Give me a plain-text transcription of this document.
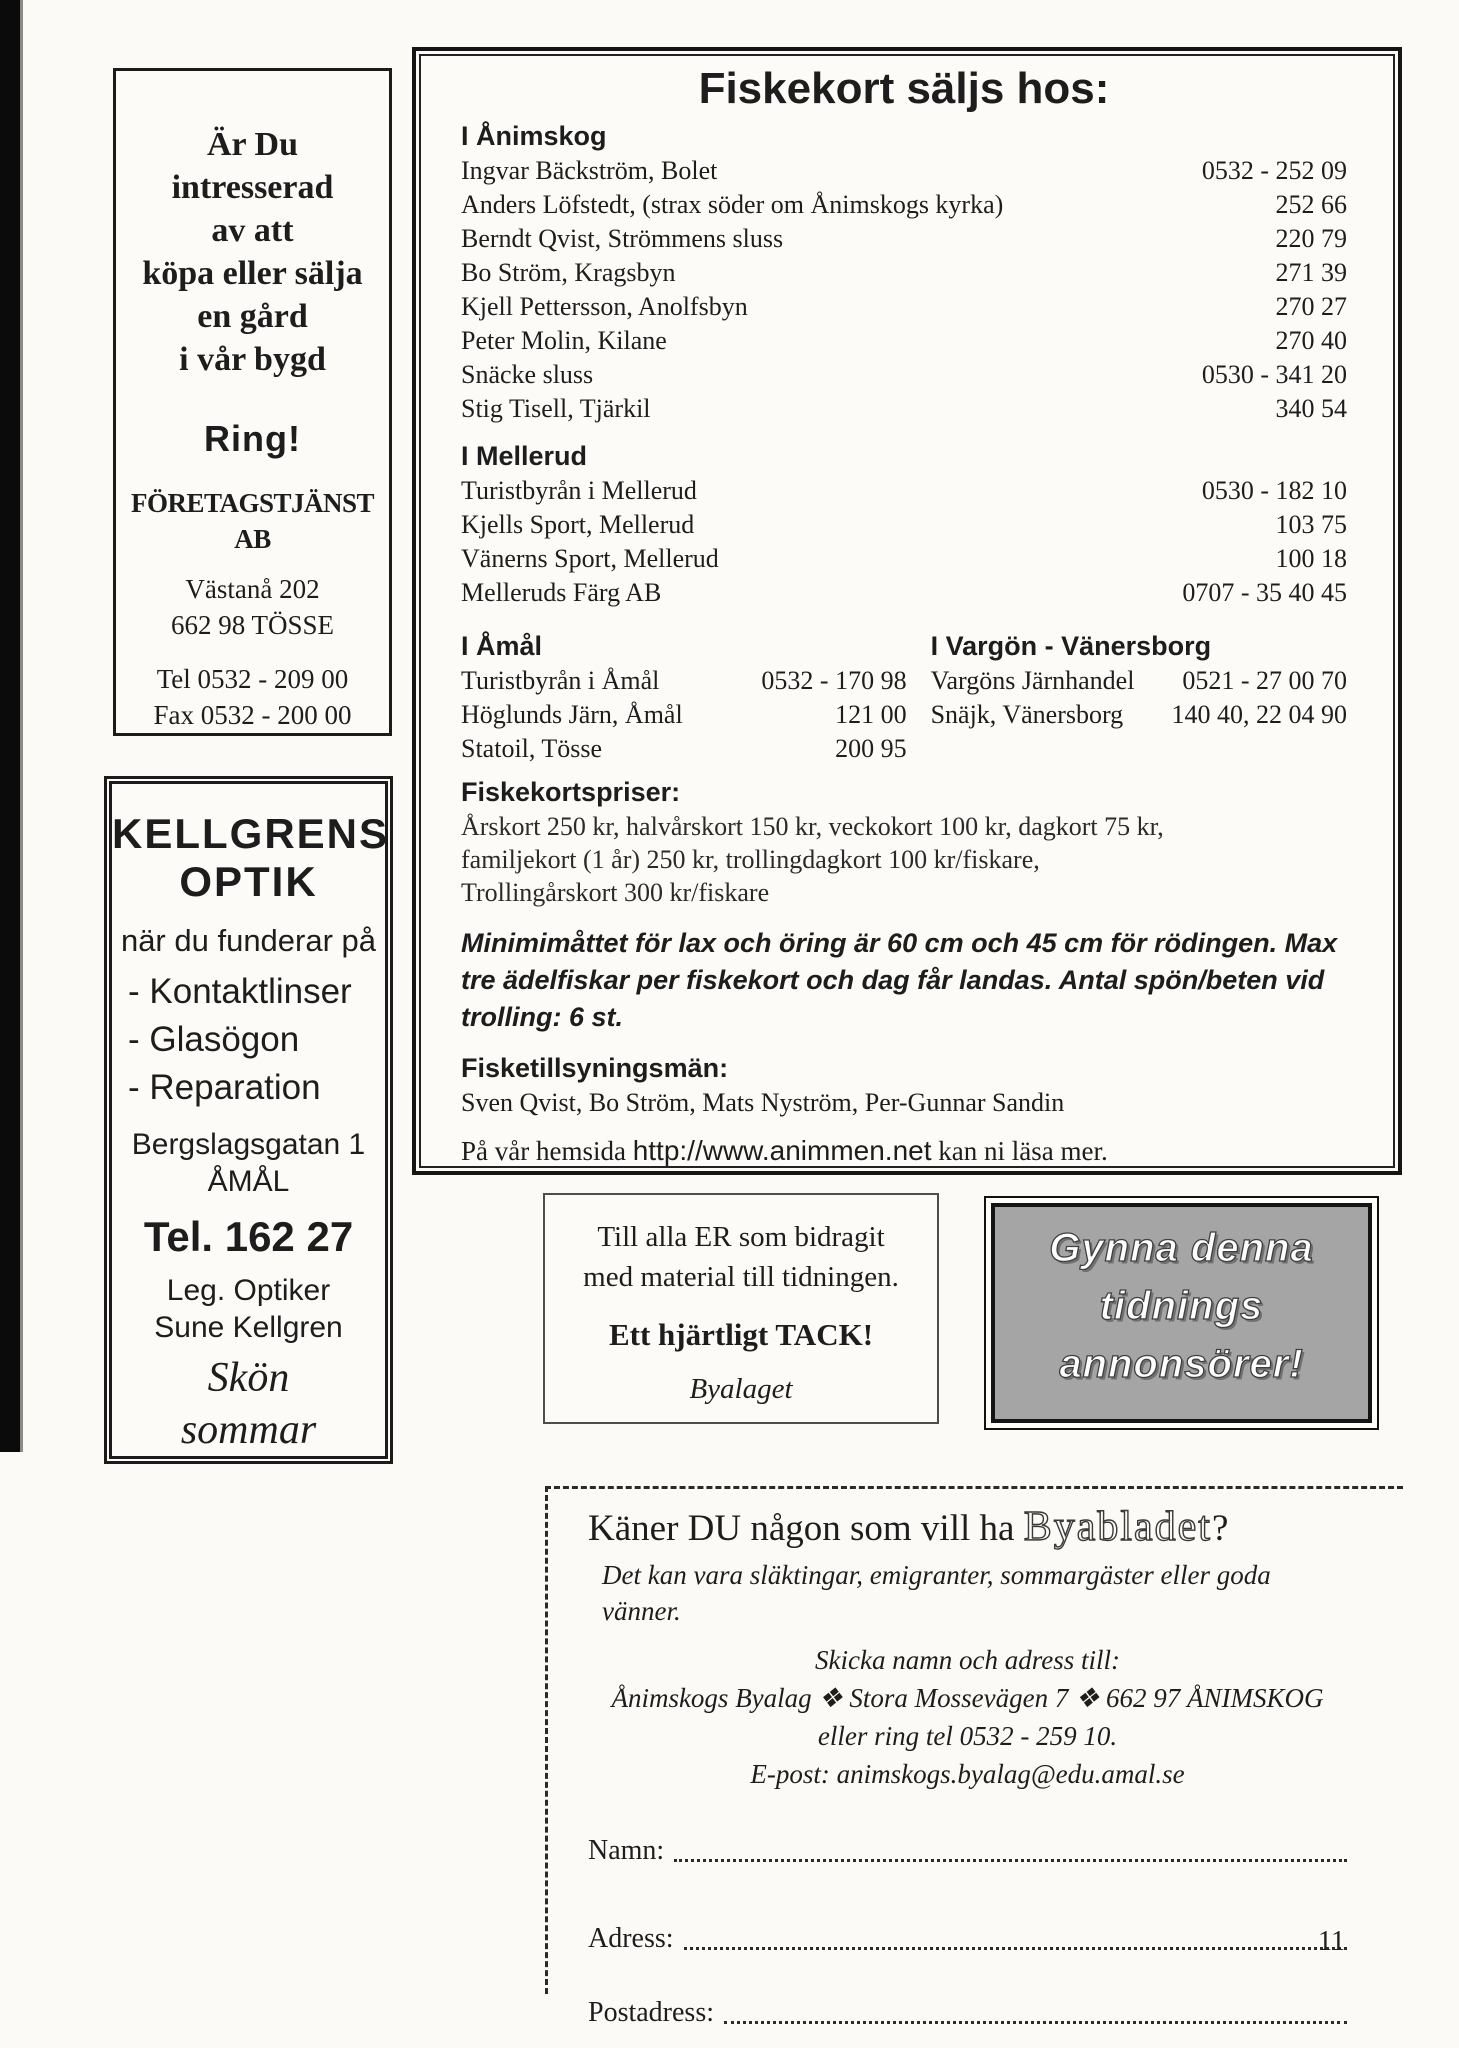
Är Du
intresserad
av att
köpa eller sälja
en gård
i vår bygd
Ring!
FÖRETAGSTJÄNST AB
Västanå 202
662 98 TÖSSE
Tel 0532 - 209 00
Fax 0532 - 200 00
KELLGRENS
OPTIK
när du funderar på
- Kontaktlinser
- Glasögon
- Reparation
Bergslagsgatan 1
ÅMÅL
Tel. 162 27
Leg. Optiker
Sune Kellgren
Skön
sommar
Fiskekort säljs hos:
I Ånimskog
Ingvar Bäckström, Bolet	0532 - 252 09
Anders Löfstedt, (strax söder om Ånimskogs kyrka)	252 66
Berndt Qvist, Strömmens sluss	220 79
Bo Ström, Kragsbyn	271 39
Kjell Pettersson, Anolfsbyn	270 27
Peter Molin, Kilane	270 40
Snäcke sluss	0530 - 341 20
Stig Tisell, Tjärkil	340 54
I Mellerud
Turistbyrån i Mellerud	0530 - 182 10
Kjells Sport, Mellerud	103 75
Vänerns Sport, Mellerud	100 18
Melleruds Färg AB	0707 - 35 40 45
I Åmål
Turistbyrån i Åmål	0532 - 170 98
Höglunds Järn, Åmål	121 00
Statoil, Tösse	200 95
I Vargön - Vänersborg
Vargöns Järnhandel	0521 - 27 00 70
Snäjk, Vänersborg	140 40, 22 04 90
Fiskekortspriser:
Årskort 250 kr, halvårskort 150 kr, veckokort 100 kr, dagkort 75 kr,
familjekort (1 år) 250 kr, trollingdagkort 100 kr/fiskare,
Trollingårskort 300 kr/fiskare

Minimimåttet för lax och öring är 60 cm och 45 cm för rödingen. Max tre ädelfiskar per fiskekort och dag får landas. Antal spön/beten vid trolling: 6 st.

Fisketillsyningsmän:
Sven Qvist, Bo Ström, Mats Nyström, Per-Gunnar Sandin
På vår hemsida http://www.animmen.net kan ni läsa mer.
Till alla ER som bidragit
med material till tidningen.
Ett hjärtligt TACK!
Byalaget
Gynna denna
tidnings
annonsörer!
Käner DU någon som vill ha Byabladet?
Det kan vara släktingar, emigranter, sommargäster eller goda vänner.
Skicka namn och adress till:
Ånimskogs Byalag ❖ Stora Mossevägen 7 ❖ 662 97 ÅNIMSKOG
eller ring tel 0532 - 259 10.
E-post: animskogs.byalag@edu.amal.se
Namn:
Adress:
Postadress:
11
